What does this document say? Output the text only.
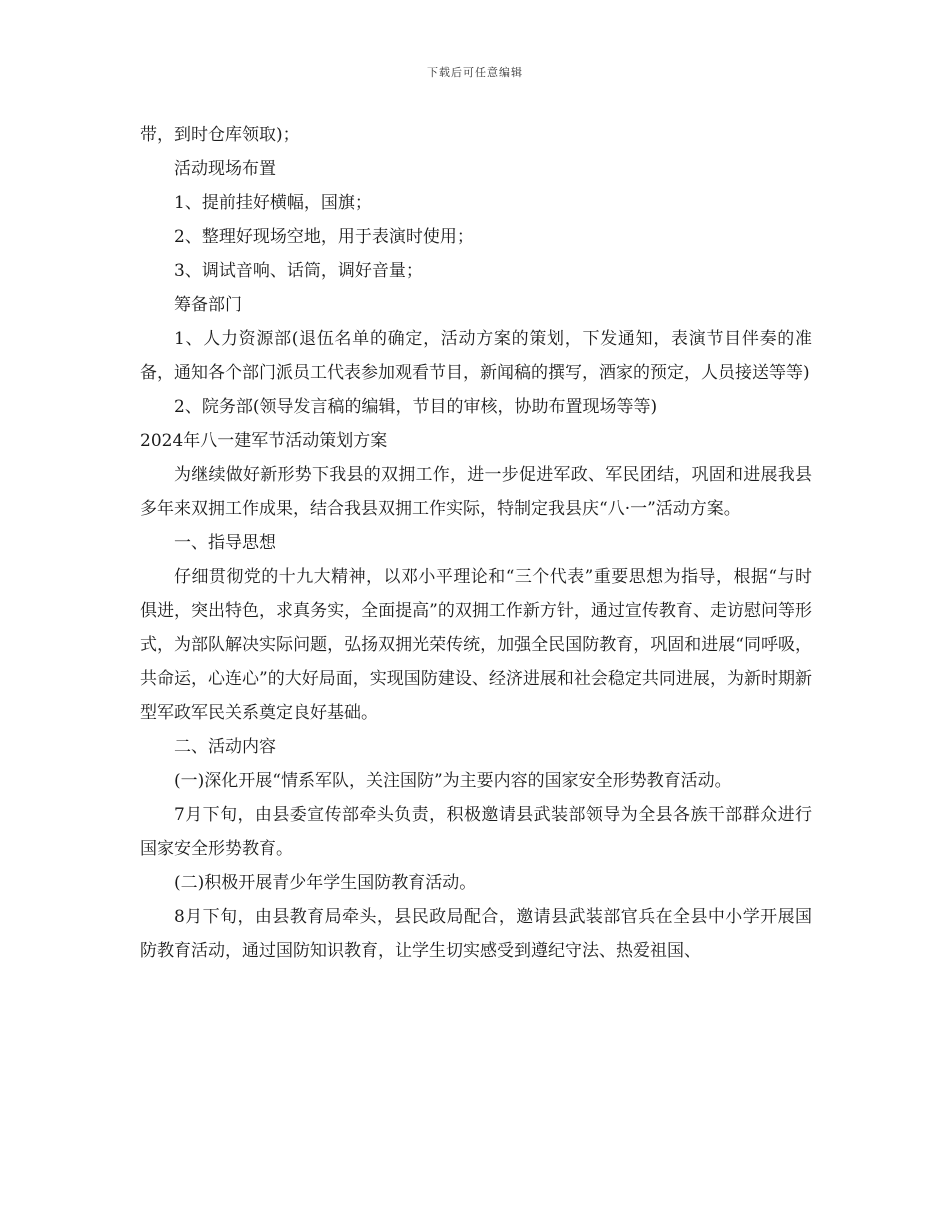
下载后可任意编辑

带，到时仓库领取)；

活动现场布置

1、提前挂好横幅，国旗；

2、整理好现场空地，用于表演时使用；

3、调试音响、话筒，调好音量；

筹备部门

1、人力资源部(退伍名单的确定，活动方案的策划，下发通知，表演节目伴奏的准备，通知各个部门派员工代表参加观看节目，新闻稿的撰写，酒家的预定，人员接送等等)

2、院务部(领导发言稿的编辑，节目的审核，协助布置现场等等)

2024年八一建军节活动策划方案

为继续做好新形势下我县的双拥工作，进一步促进军政、军民团结，巩固和进展我县多年来双拥工作成果，结合我县双拥工作实际，特制定我县庆“八·一”活动方案。

一、指导思想

仔细贯彻党的十九大精神，以邓小平理论和“三个代表”重要思想为指导，根据“与时俱进，突出特色，求真务实，全面提高”的双拥工作新方针，通过宣传教育、走访慰问等形式，为部队解决实际问题，弘扬双拥光荣传统，加强全民国防教育，巩固和进展“同呼吸，共命运，心连心”的大好局面，实现国防建设、经济进展和社会稳定共同进展，为新时期新型军政军民关系奠定良好基础。

二、活动内容

(一)深化开展“情系军队，关注国防”为主要内容的国家安全形势教育活动。

7月下旬，由县委宣传部牵头负责，积极邀请县武装部领导为全县各族干部群众进行国家安全形势教育。

(二)积极开展青少年学生国防教育活动。

8月下旬，由县教育局牵头，县民政局配合，邀请县武装部官兵在全县中小学开展国防教育活动，通过国防知识教育，让学生切实感受到遵纪守法、热爱祖国、
